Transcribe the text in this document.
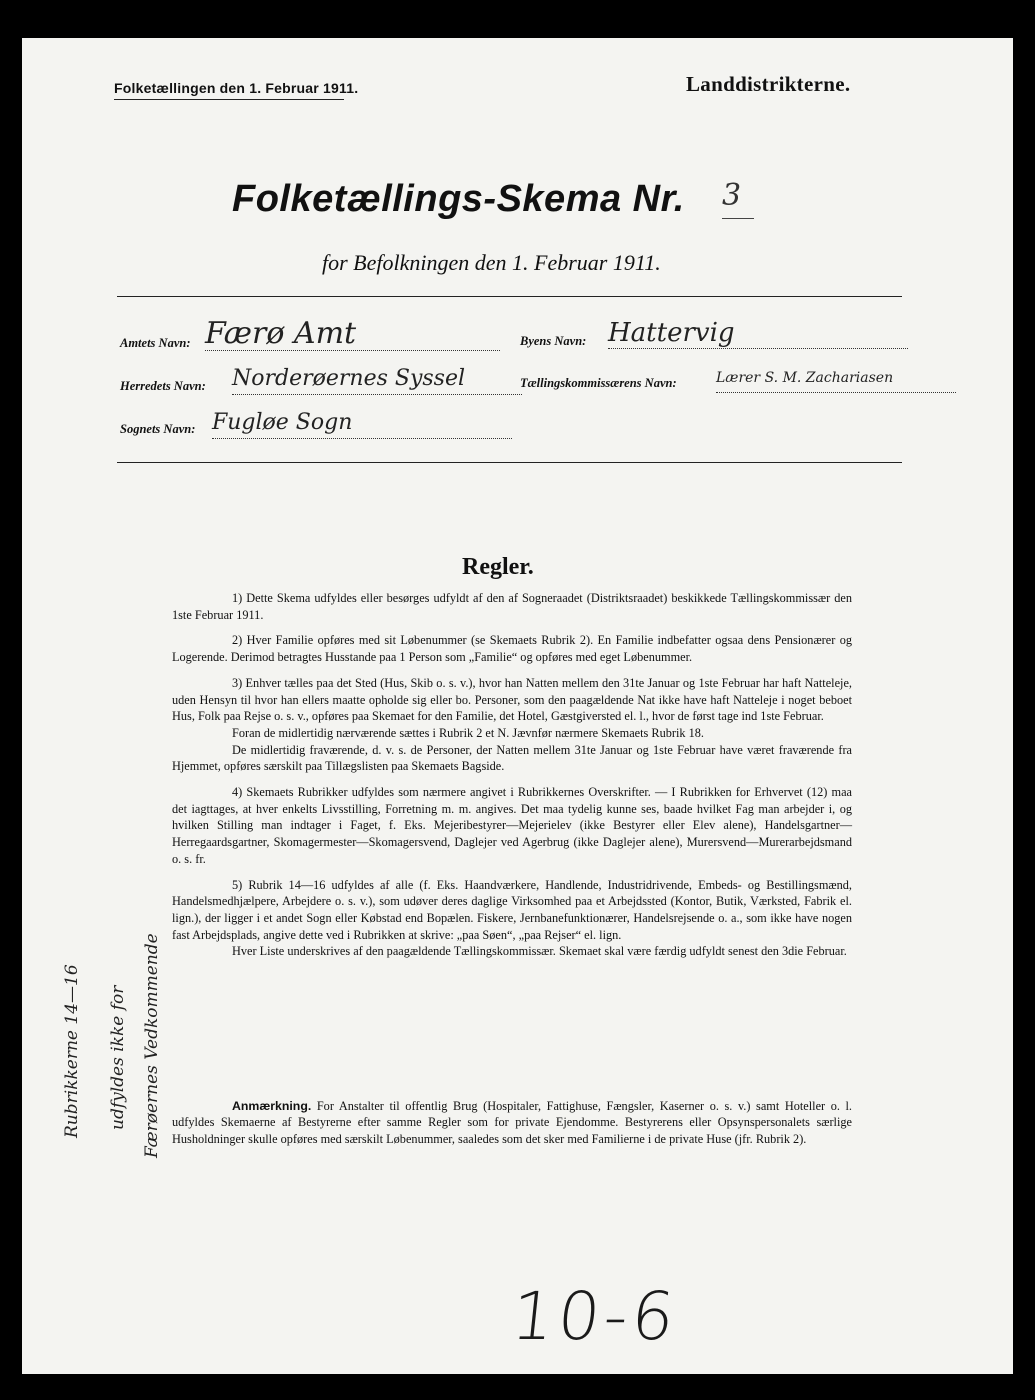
Folketællingen den 1. Februar 1911.	Landdistrikterne.
Folketællings-Skema Nr. 3
for Befolkningen den 1. Februar 1911.
Amtets Navn: Færø Amt	Byens Navn: Hattervig
Herredets Navn: Norderøernes Syssel	Tællingskommissærens Navn:	Lærer S. M. Zachariasen
Sognets Navn: Fugløe Sogn
Regler.

1) Dette Skema udfyldes eller besørges udfyldt af den af Sogneraadet (Distriktsraadet) beskikkede Tællingskommissær den 1ste Februar 1911.

2) Hver Familie opføres med sit Løbenummer (se Skemaets Rubrik 2). En Familie indbefatter ogsaa dens Pensionærer og Logerende. Derimod betragtes Husstande paa 1 Person som „Familie“ og opføres med eget Løbenummer.

3) Enhver tælles paa det Sted (Hus, Skib o. s. v.), hvor han Natten mellem den 31te Januar og 1ste Februar har haft Natteleje, uden Hensyn til hvor han ellers maatte opholde sig eller bo. Personer, som den paagældende Nat ikke have haft Natteleje i noget beboet Hus, Folk paa Rejse o. s. v., opføres paa Skemaet for den Familie, det Hotel, Gæstgiversted el. l., hvor de først tage ind 1ste Februar.

Foran de midlertidig nærværende sættes i Rubrik 2 et N. Jævnfør nærmere Skemaets Rubrik 18.

De midlertidig fraværende, d. v. s. de Personer, der Natten mellem 31te Januar og 1ste Februar have været fraværende fra Hjemmet, opføres særskilt paa Tillægslisten paa Skemaets Bagside.

4) Skemaets Rubrikker udfyldes som nærmere angivet i Rubrikkernes Overskrifter. — I Rubrikken for Erhvervet (12) maa det iagttages, at hver enkelts Livsstilling, Forretning m. m. angives. Det maa tydelig kunne ses, baade hvilket Fag man arbejder i, og hvilken Stilling man indtager i Faget, f. Eks. Mejeribestyrer—Mejerielev (ikke Bestyrer eller Elev alene), Handelsgartner—Herregaardsgartner, Skomagermester—Skomagersvend, Daglejer ved Agerbrug (ikke Daglejer alene), Murersvend—Murerarbejdsmand o. s. fr.

5) Rubrik 14—16 udfyldes af alle (f. Eks. Haandværkere, Handlende, Industridrivende, Embeds- og Bestillingsmænd, Handelsmedhjælpere, Arbejdere o. s. v.), som udøver deres daglige Virksomhed paa et Arbejdssted (Kontor, Butik, Værksted, Fabrik el. lign.), der ligger i et andet Sogn eller Købstad end Bopælen. Fiskere, Jernbanefunktionærer, Handelsrejsende o. a., som ikke have nogen fast Arbejdsplads, angive dette ved i Rubrikken at skrive: „paa Søen“, „paa Rejser“ el. lign.

Hver Liste underskrives af den paagældende Tællingskommissær. Skemaet skal være færdig udfyldt senest den 3die Februar.

Anmærkning. For Anstalter til offentlig Brug (Hospitaler, Fattighuse, Fængsler, Kaserner o. s. v.) samt Hoteller o. l. udfyldes Skemaerne af Bestyrerne efter samme Regler som for private Ejendomme. Bestyrerens eller Opsynspersonalets særlige Husholdninger skulle opføres med særskilt Løbenummer, saaledes som det sker med Familierne i de private Huse (jfr. Rubrik 2).
Rubrikkerne 14—16 udfyldes ikke for Færøernes Vedkommende
10-6
